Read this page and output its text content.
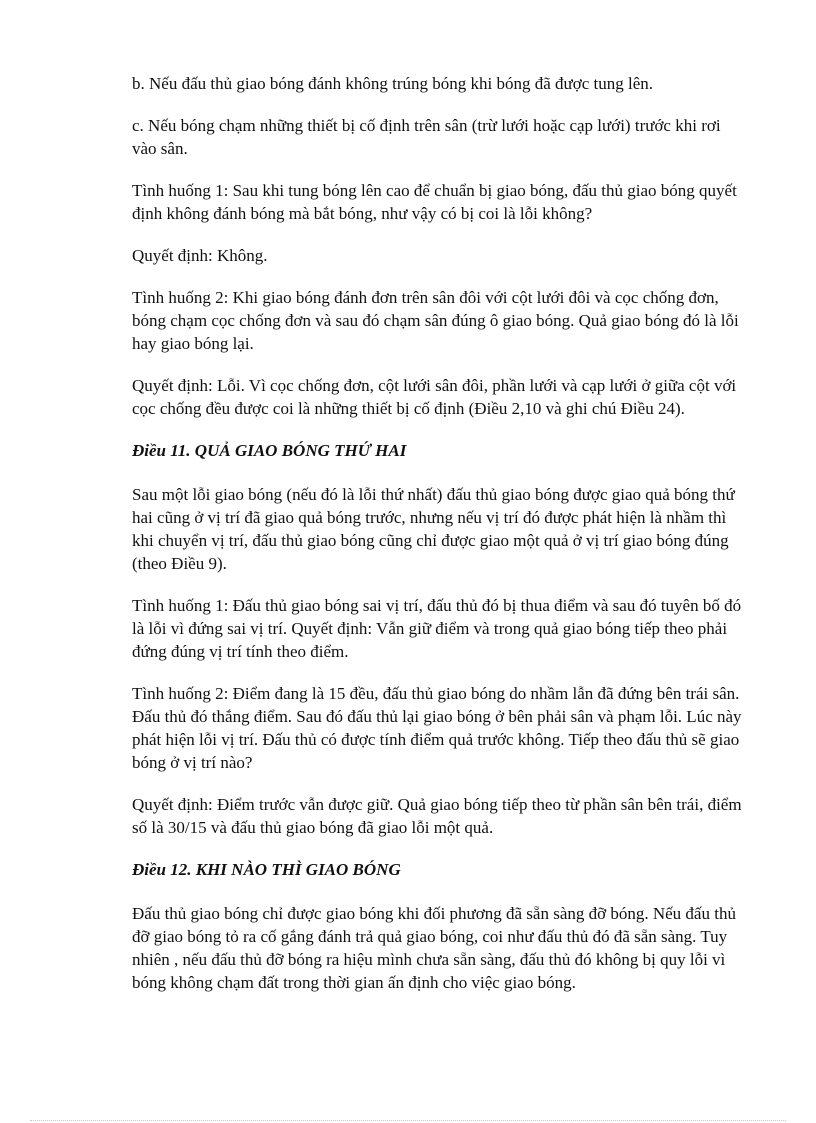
b. Nếu đấu thủ giao bóng đánh không trúng bóng khi bóng đã được tung lên.

c. Nếu bóng chạm những thiết bị cố định trên sân (trừ lưới hoặc cạp lưới) trước khi rơi vào sân.

Tình huống 1: Sau khi tung bóng lên cao để chuẩn bị giao bóng, đấu thủ giao bóng quyết định không đánh bóng mà bắt bóng, như vậy có bị coi là lỗi không?

Quyết định: Không.

Tình huống 2: Khi giao bóng đánh đơn trên sân đôi với cột lưới đôi và cọc chống đơn, bóng chạm cọc chống đơn và sau đó chạm sân đúng ô giao bóng. Quả giao bóng đó là lỗi hay giao bóng lại.

Quyết định: Lỗi. Vì cọc chống đơn, cột lưới sân đôi, phần lưới và cạp lưới ở giữa cột với cọc chống đều được coi là những thiết bị cố định (Điều 2,10 và ghi chú Điều 24).

Điều 11. QUẢ GIAO BÓNG THỨ HAI

Sau một lỗi giao bóng (nếu đó là lỗi thứ nhất) đấu thủ giao bóng được giao quả bóng thứ hai cũng ở vị trí đã giao quả bóng trước, nhưng nếu vị trí đó được phát hiện là nhầm thì khi chuyển vị trí, đấu thủ giao bóng cũng chỉ được giao một quả ở vị trí giao bóng đúng (theo Điều 9).

Tình huống 1: Đấu thủ giao bóng sai vị trí, đấu thủ đó bị thua điểm và sau đó tuyên bố đó là lỗi vì đứng sai vị trí. Quyết định: Vẫn giữ điểm và trong quả giao bóng tiếp theo phải đứng đúng vị trí tính theo điểm.

Tình huống 2: Điểm đang là 15 đều, đấu thủ giao bóng do nhầm lẫn đã đứng bên trái sân. Đấu thủ đó thắng điểm. Sau đó đấu thủ lại giao bóng ở bên phải sân và phạm lỗi. Lúc này phát hiện lỗi vị trí. Đấu thủ có được tính điểm quả trước không. Tiếp theo đấu thủ sẽ giao bóng ở vị trí nào?

Quyết định: Điểm trước vẫn được giữ. Quả giao bóng tiếp theo từ phần sân bên trái, điểm số là 30/15 và đấu thủ giao bóng đã giao lỗi một quả.

Điều 12. KHI NÀO THÌ GIAO BÓNG

Đấu thủ giao bóng chỉ được giao bóng khi đối phương đã sẵn sàng đỡ bóng. Nếu đấu thủ đỡ giao bóng tỏ ra cố gắng đánh trả quả giao bóng, coi như đấu thủ đó đã sẵn sàng. Tuy nhiên , nếu đấu thủ đỡ bóng ra hiệu mình chưa sẵn sàng, đấu thủ đó không bị quy lỗi vì bóng không chạm đất trong thời gian ấn định cho việc giao bóng.
